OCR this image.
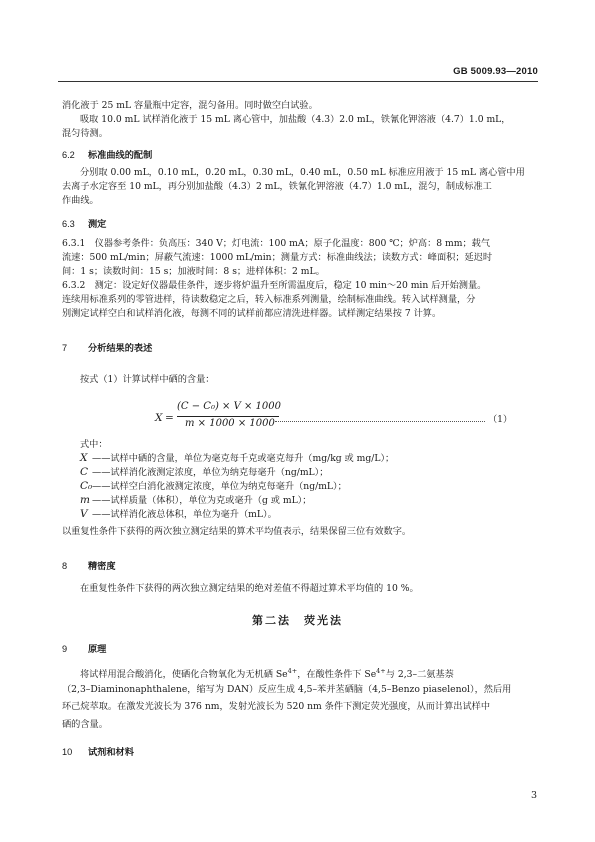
GB 5009.93—2010
消化液于 25 mL 容量瓶中定容，混匀备用。同时做空白试验。
吸取 10.0 mL 试样消化液于 15 mL 离心管中，加盐酸（4.3）2.0 mL，铁氰化钾溶液（4.7）1.0 mL，
混匀待测。
6.2 标准曲线的配制
分别取 0.00 mL，0.10 mL，0.20 mL，0.30 mL，0.40 mL，0.50 mL 标准应用液于 15 mL 离心管中用
去离子水定容至 10 mL，再分别加盐酸（4.3）2 mL，铁氰化钾溶液（4.7）1.0 mL，混匀，制成标准工
作曲线。
6.3 测定
6.3.1　仪器参考条件：负高压：340 V；灯电流：100 mA；原子化温度：800 ℃；炉高：8 mm；载气
流速：500 mL/min；屏蔽气流速：1000 mL/min；测量方式：标准曲线法；读数方式：峰面积；延迟时
间：1 s；读数时间：15 s；加液时间：8 s；进样体积：2 mL。
6.3.2　测定：设定好仪器最佳条件，逐步将炉温升至所需温度后，稳定 10 min～20 min 后开始测量。
连续用标准系列的零管进样，待读数稳定之后，转入标准系列测量，绘制标准曲线。转入试样测量，分
别测定试样空白和试样消化液，每测不同的试样前都应清洗进样器。试样测定结果按 7 计算。
7 分析结果的表述
按式（1）计算试样中硒的含量：
X =
(C − C₀) × V × 1000
m × 1000 × 1000	（1）
式中：
X ——试样中硒的含量，单位为毫克每千克或毫克每升（mg/kg 或 mg/L）；
C ——试样消化液测定浓度，单位为纳克每毫升（ng/mL）；
C₀——试样空白消化液测定浓度，单位为纳克每毫升（ng/mL）；
m ——试样质量（体积），单位为克或毫升（g 或 mL）；
V ——试样消化液总体积，单位为毫升（mL）。
以重复性条件下获得的两次独立测定结果的算术平均值表示，结果保留三位有效数字。
8 精密度
在重复性条件下获得的两次独立测定结果的绝对差值不得超过算术平均值的 10 %。
第二法　荧光法
9 原理
将试样用混合酸消化，使硒化合物氧化为无机硒 $Se^{4+}$，在酸性条件下 $Se^{4+}$与 2,3–二氨基萘
（2,3–Diaminonaphthalene，缩写为 DAN）反应生成 4,5–苯并苤硒脑（4,5–Benzo piaselenol），然后用
环己烷萃取。在激发光波长为 376 nm，发射光波长为 520 nm 条件下测定荧光强度，从而计算出试样中
硒的含量。
10 试剂和材料
3
